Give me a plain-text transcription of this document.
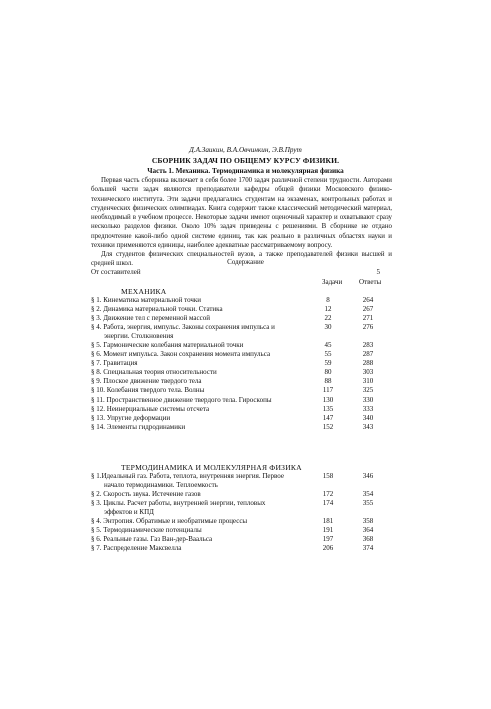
Д.А.Заикин, В.А.Овчинкин, Э.В.Прут
СБОРНИК ЗАДАЧ ПО ОБЩЕМУ КУРСУ ФИЗИКИ.
Часть 1. Механика. Термодинамика и молекулярная физика

Первая часть сборника включает в себя более 1700 задач различной степени трудности. Авторами большей части задач являются преподаватели кафедры общей физики Московского физико-технического института. Эти задачи предлагались студентам на экзаменах, контрольных работах и студенческих физических олимпиадах. Книга содержит также классический методический материал, необходимый в учебном процессе. Некоторые задачи имеют оценочный характер и охватывают сразу несколько разделов физики. Около 10% задач приведены с решениями. В сборнике не отдано предпочтение какой-либо одной системе единиц, так как реально в различных областях науки и техники применяются единицы, наиболее адекватные рассматриваемому вопросу.

Для студентов физических специальностей вузов, а также преподавателей физики высшей и средней школ.	Содержание
От составителей	5
Задачи Ответы
МЕХАНИКА
§ 1. Кинематика материальной точки	8	264
§ 2. Динамика материальной точки. Статика	12	267
§ 3. Движение тел с переменной массой	22	271
§ 4. Работа, энергия, импульс. Законы сохранения импульса и
энергии. Столкновения
30	276
§ 5. Гармонические колебания материальной точки	45	283
§ 6. Момент импульса. Закон сохранения момента импульса	55	287
§ 7. Гравитация	59	288
§ 8. Специальная теория относительности	80	303
§ 9. Плоское движение твердого тела	88	310
§ 10. Колебания твердого тела. Волны	117	325
§ 11. Пространственное движение твердого тела. Гироскопы	130	330
§ 12. Неинерциальные системы отсчета	135	333
§ 13. Упругие деформации	147	340
§ 14. Элементы гидродинамики	152	343
ТЕРМОДИНАМИКА И МОЛЕКУЛЯРНАЯ ФИЗИКА
§ 1.Идеальный газ. Работа, теплота, внутренняя энергия. Первое
начало термодинамики. Теплоемкость
158	346
§ 2. Скорость звука. Истечение газов	172	354
§ 3. Циклы. Расчет работы, внутренней энергии, тепловых
эффектов и КПД
174	355
§ 4. Энтропия. Обратимые и необратимые процессы	181	358
§ 5. Термодинамические потенциалы	191	364
§ 6. Реальные газы. Газ Ван-дер-Ваальса	197	368
§ 7. Распределение Максвелла	206	374
